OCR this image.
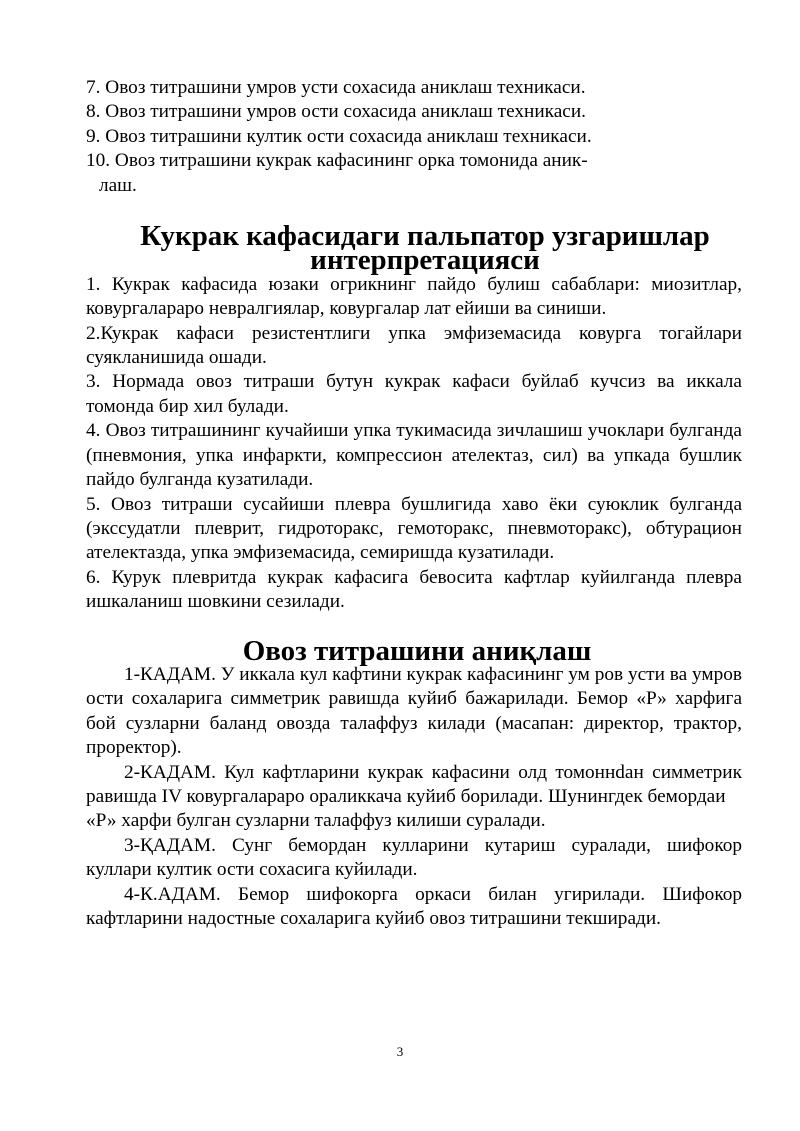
7. Овоз титрашини умров усти сохасида аниклаш техникаси.

8. Овоз титрашини умров ости сохасида аниклаш техникаси.

9. Овоз титрашини култик ости сохасида аниклаш техникаси.

10. Овоз титрашини кукрак кафасининг орка томонида аник-

лаш.

Кукрак кафасидаги пальпатор узгаришлар интерпретацияси

1. Кукрак кафасида юзаки огрикнинг пайдо булиш сабаблари: миозитлар, ковургалараро невралгиялар, ковургалар лат ейиши ва синиши.

2.Кукрак кафаси резистентлиги упка эмфиземасида ковурга тогайлари суякланишида ошади.

3. Нормада овоз титраши бутун кукрак кафаси буйлаб кучсиз ва иккала томонда бир хил булади.

4. Овоз титрашининг кучайиши упка тукимасида зичлашиш учоклари булганда (пневмония, упка инфаркти, компрессион ателектаз, сил) ва упкада бушлик пайдо булганда кузатилади.

5. Овоз титраши сусайиши плевра бушлигида хаво ёки суюклик булганда (экссудатли плеврит, гидроторакс, гемоторакс, пневмоторакс), обтурацион ателектазда, упка эмфиземасида, семиришда кузатилади.

6. Курук плевритда кукрак кафасига бевосита кафтлар куйилганда плевра ишкаланиш шовкини сезилади.

Овоз титрашини аниқлаш

1-КАДАМ. У иккала кул кафтини кукрак кафасининг ум ров усти ва умров ости сохаларига симметрик равишда куйиб бажарилади. Бемор «Р» харфига бой сузларни баланд овозда талаффуз килади (масапан: директор, трактор, проректор).

2-КАДАМ. Кул кафтларини кукрак кафасини олд томоннdан симметрик равишда IV ковургалараро ораликкача куйиб борилади. Шунингдек бемордаи

«Р» харфи булган сузларни талаффуз килиши суралади.

3-ҚАДАМ. Сунг бемордан кулларини кутариш суралади, шифокор куллари култик ости сохасига куйилади.

4-К.АДАМ. Бемор шифокорга оркаси билан угирилади. Шифокор кафтларини надостные сохаларига куйиб овоз титрашини текширади.

3
